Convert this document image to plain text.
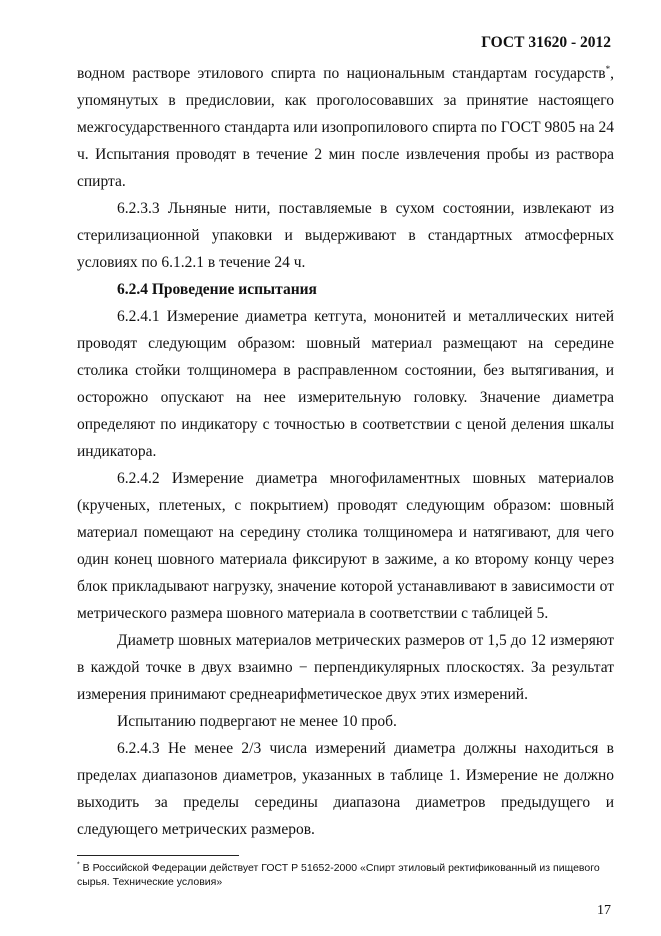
ГОСТ 31620 - 2012

водном растворе этилового спирта по национальным стандартам государств*, упомянутых в предисловии, как проголосовавших за принятие настоящего межгосударственного стандарта или изопропилового спирта по ГОСТ 9805 на 24 ч. Испытания проводят в течение 2 мин после извлечения пробы из раствора спирта.

6.2.3.3 Льняные нити, поставляемые в сухом состоянии, извлекают из стерилизационной упаковки и выдерживают в стандартных атмосферных условиях по 6.1.2.1 в течение 24 ч.

6.2.4 Проведение испытания

6.2.4.1 Измерение диаметра кетгута, мононитей и металлических нитей проводят следующим образом: шовный материал размещают на середине столика стойки толщиномера в расправленном состоянии, без вытягивания, и осторожно опускают на нее измерительную головку. Значение диаметра определяют по индикатору с точностью в соответствии с ценой деления шкалы индикатора.

6.2.4.2 Измерение диаметра многофиламентных шовных материалов (крученых, плетеных, с покрытием) проводят следующим образом: шовный материал помещают на середину столика толщиномера и натягивают, для чего один конец шовного материала фиксируют в зажиме, а ко второму концу через блок прикладывают нагрузку, значение которой устанавливают в зависимости от метрического размера шовного материала в соответствии с таблицей 5.

Диаметр шовных материалов метрических размеров от 1,5 до 12 измеряют в каждой точке в двух взаимно − перпендикулярных плоскостях. За результат измерения принимают среднеарифметическое двух этих измерений.

Испытанию подвергают не менее 10 проб.

6.2.4.3 Не менее 2/3 числа измерений диаметра должны находиться в пределах диапазонов диаметров, указанных в таблице 1. Измерение не должно выходить за пределы середины диапазона диаметров предыдущего и следующего метрических размеров.

* В Российской Федерации действует ГОСТ Р 51652-2000 «Спирт этиловый ректификованный из пищевого сырья. Технические условия»
17
